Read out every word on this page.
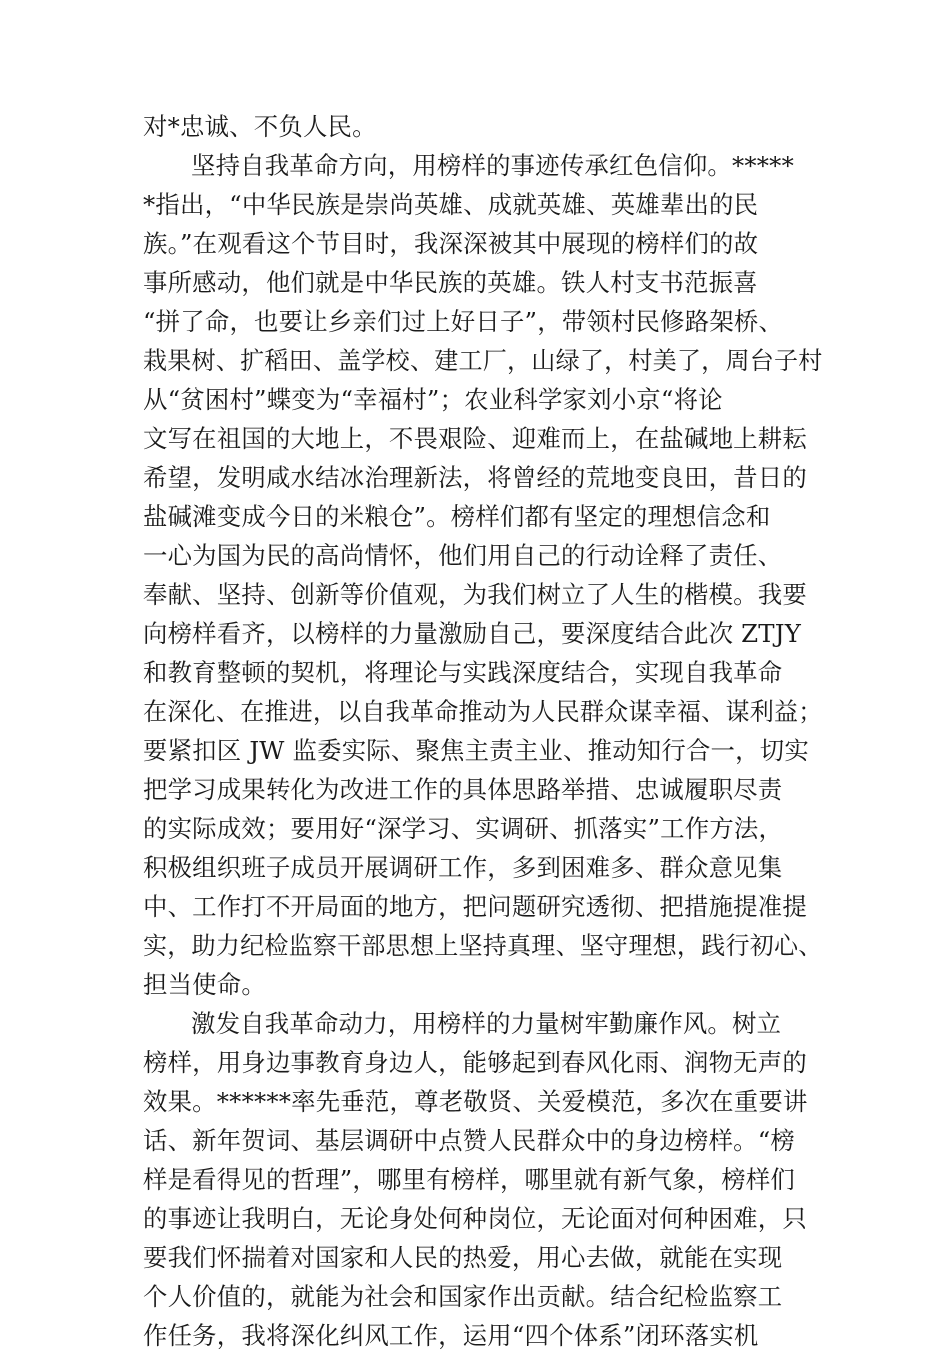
对*忠诚、不负人民。
坚持自我革命方向，用榜样的事迹传承红色信仰。*****
*指出，“中华民族是崇尚英雄、成就英雄、英雄辈出的民
族。”在观看这个节目时，我深深被其中展现的榜样们的故
事所感动，他们就是中华民族的英雄。铁人村支书范振喜
“拼了命，也要让乡亲们过上好日子”，带领村民修路架桥、
栽果树、扩稻田、盖学校、建工厂，山绿了，村美了，周台子村
从“贫困村”蝶变为“幸福村”；农业科学家刘小京“将论
文写在祖国的大地上，不畏艰险、迎难而上，在盐碱地上耕耘
希望，发明咸水结冰治理新法，将曾经的荒地变良田，昔日的
盐碱滩变成今日的米粮仓”。榜样们都有坚定的理想信念和
一心为国为民的高尚情怀，他们用自己的行动诠释了责任、
奉献、坚持、创新等价值观，为我们树立了人生的楷模。我要
向榜样看齐，以榜样的力量激励自己，要深度结合此次 ZTJY
和教育整顿的契机，将理论与实践深度结合，实现自我革命
在深化、在推进，以自我革命推动为人民群众谋幸福、谋利益；
要紧扣区 JW 监委实际、聚焦主责主业、推动知行合一，切实
把学习成果转化为改进工作的具体思路举措、忠诚履职尽责
的实际成效；要用好“深学习、实调研、抓落实”工作方法，
积极组织班子成员开展调研工作，多到困难多、群众意见集
中、工作打不开局面的地方，把问题研究透彻、把措施提准提
实，助力纪检监察干部思想上坚持真理、坚守理想，践行初心、
担当使命。
激发自我革命动力，用榜样的力量树牢勤廉作风。树立
榜样，用身边事教育身边人，能够起到春风化雨、润物无声的
效果。******率先垂范，尊老敬贤、关爱模范，多次在重要讲
话、新年贺词、基层调研中点赞人民群众中的身边榜样。“榜
样是看得见的哲理”，哪里有榜样，哪里就有新气象，榜样们
的事迹让我明白，无论身处何种岗位，无论面对何种困难，只
要我们怀揣着对国家和人民的热爱，用心去做，就能在实现
个人价值的，就能为社会和国家作出贡献。结合纪检监察工
作任务，我将深化纠风工作，运用“四个体系”闭环落实机
